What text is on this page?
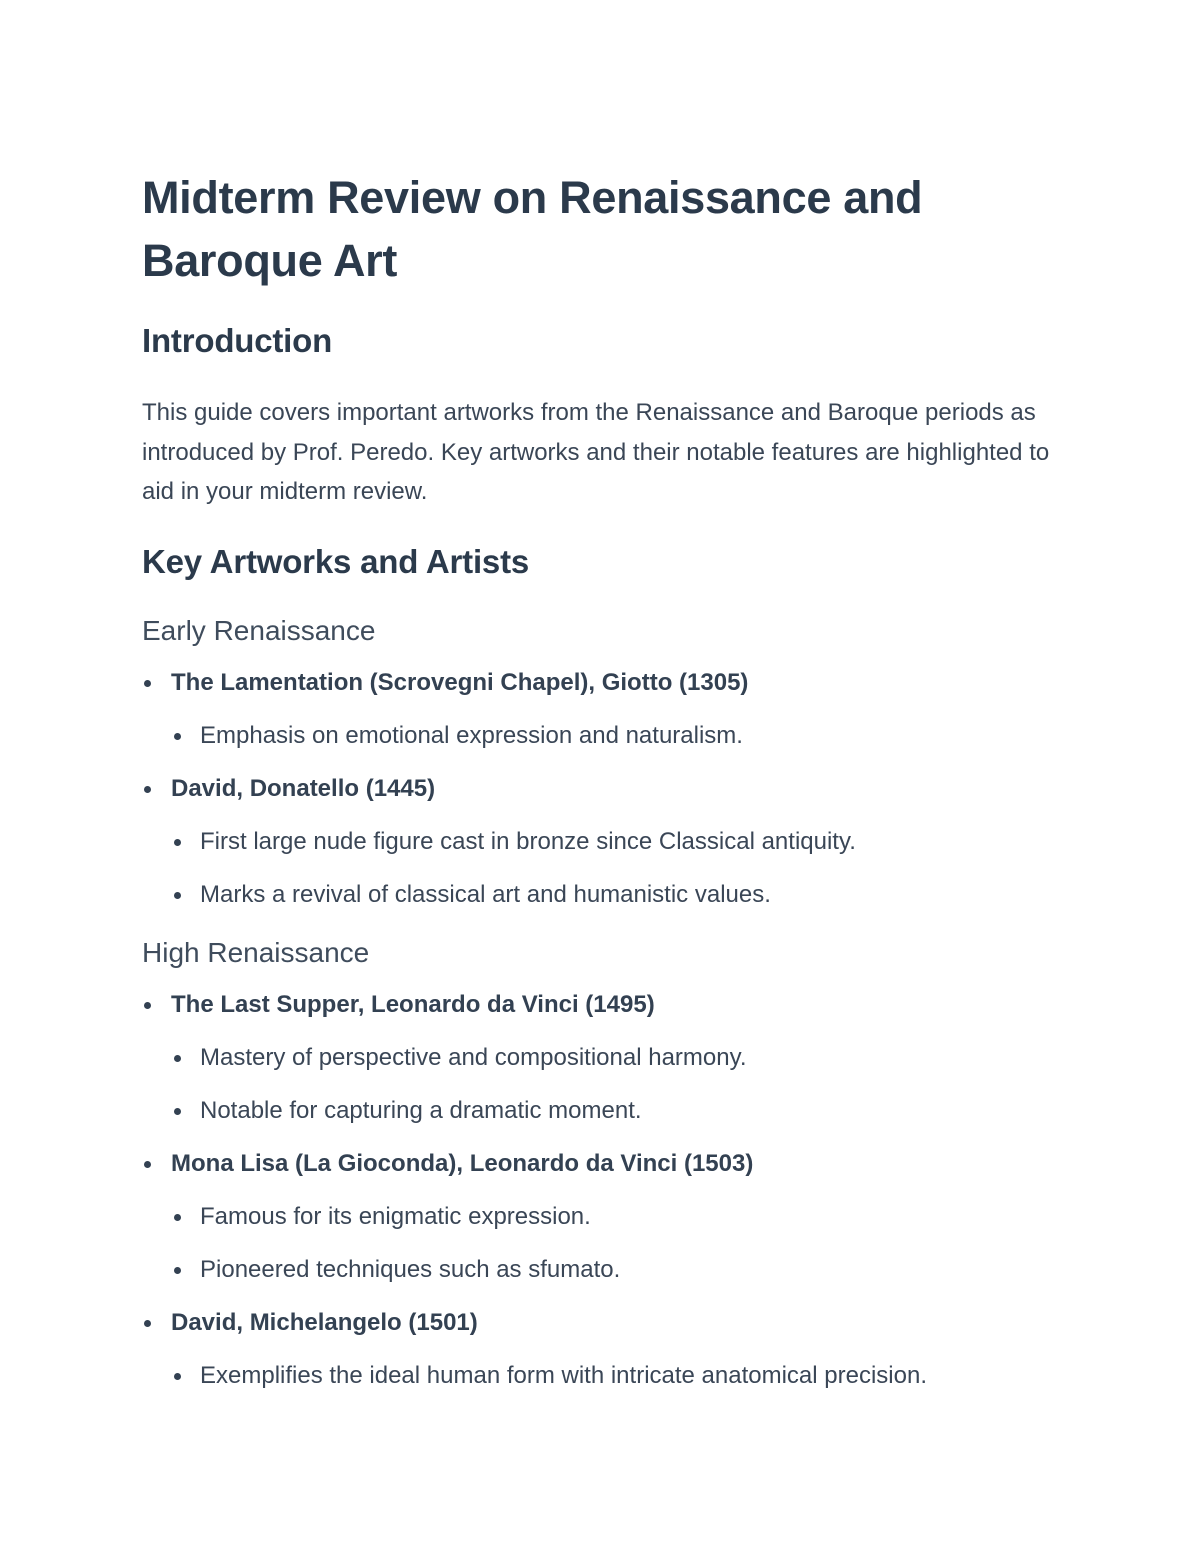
Midterm Review on Renaissance and Baroque Art
Introduction

This guide covers important artworks from the Renaissance and Baroque periods as introduced by Prof. Peredo. Key artworks and their notable features are highlighted to aid in your midterm review.

Key Artworks and Artists
Early Renaissance
The Lamentation (Scrovegni Chapel), Giotto (1305)
Emphasis on emotional expression and naturalism.
David, Donatello (1445)
First large nude figure cast in bronze since Classical antiquity.
Marks a revival of classical art and humanistic values.
High Renaissance
The Last Supper, Leonardo da Vinci (1495)
Mastery of perspective and compositional harmony.
Notable for capturing a dramatic moment.
Mona Lisa (La Gioconda), Leonardo da Vinci (1503)
Famous for its enigmatic expression.
Pioneered techniques such as sfumato.
David, Michelangelo (1501)
Exemplifies the ideal human form with intricate anatomical precision.
